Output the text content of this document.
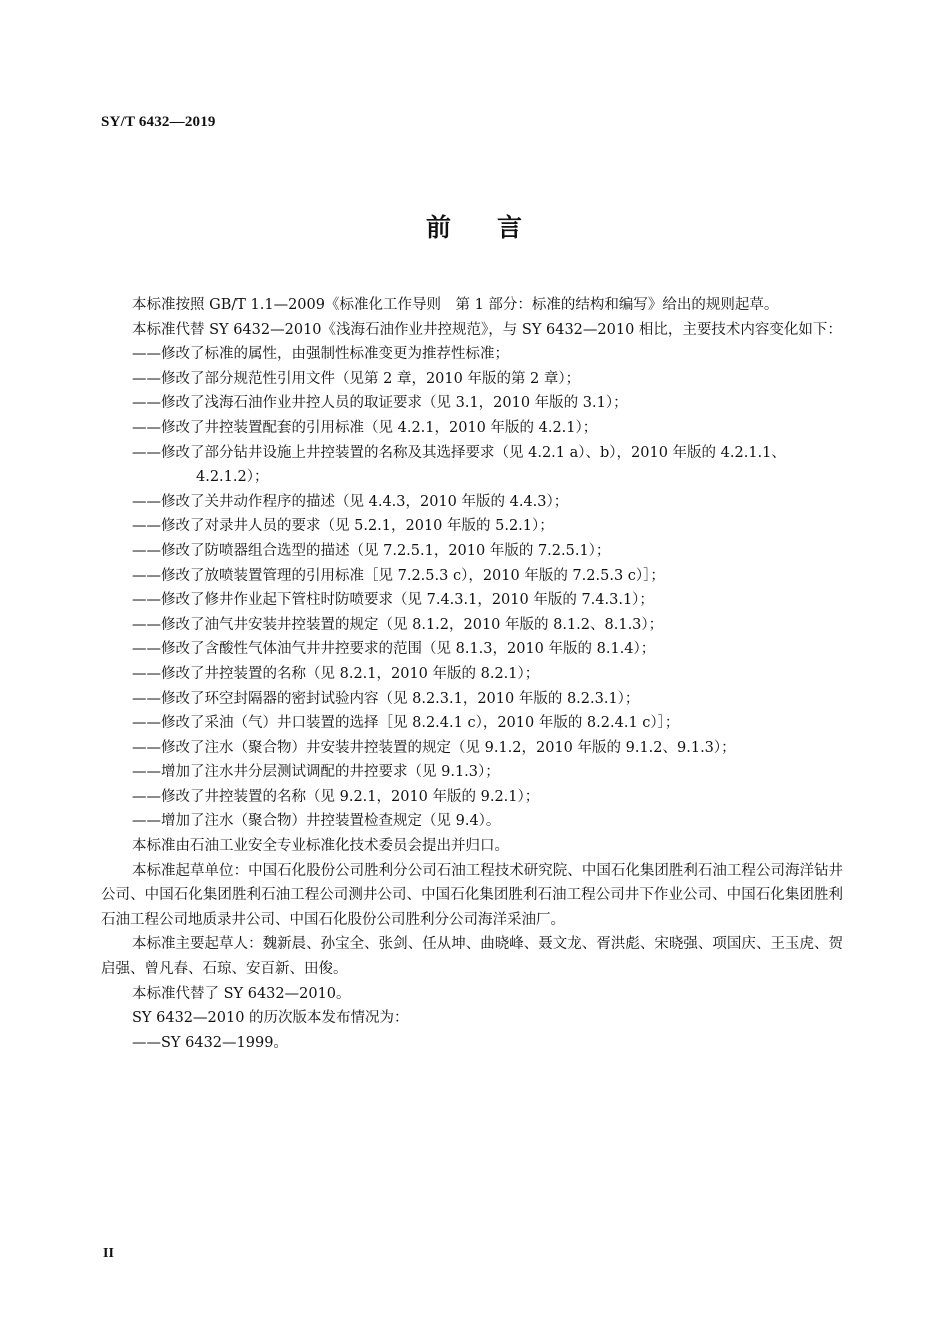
SY/T 6432—2019
前 言

本标准按照 GB/T 1.1—2009《标准化工作导则　第 1 部分：标准的结构和编写》给出的规则起草。

本标准代替 SY 6432—2010《浅海石油作业井控规范》，与 SY 6432—2010 相比，主要技术内容变化如下：

——修改了标准的属性，由强制性标准变更为推荐性标准；

——修改了部分规范性引用文件（见第 2 章，2010 年版的第 2 章）；

——修改了浅海石油作业井控人员的取证要求（见 3.1，2010 年版的 3.1）；

——修改了井控装置配套的引用标准（见 4.2.1，2010 年版的 4.2.1）；

——修改了部分钻井设施上井控装置的名称及其选择要求（见 4.2.1 a）、b），2010 年版的 4.2.1.1、4.2.1.2）；

——修改了关井动作程序的描述（见 4.4.3，2010 年版的 4.4.3）；

——修改了对录井人员的要求（见 5.2.1，2010 年版的 5.2.1）；

——修改了防喷器组合选型的描述（见 7.2.5.1，2010 年版的 7.2.5.1）；

——修改了放喷装置管理的引用标准［见 7.2.5.3 c），2010 年版的 7.2.5.3 c）］；

——修改了修井作业起下管柱时防喷要求（见 7.4.3.1，2010 年版的 7.4.3.1）；

——修改了油气井安装井控装置的规定（见 8.1.2，2010 年版的 8.1.2、8.1.3）；

——修改了含酸性气体油气井井控要求的范围（见 8.1.3，2010 年版的 8.1.4）；

——修改了井控装置的名称（见 8.2.1，2010 年版的 8.2.1）；

——修改了环空封隔器的密封试验内容（见 8.2.3.1，2010 年版的 8.2.3.1）；

——修改了采油（气）井口装置的选择［见 8.2.4.1 c），2010 年版的 8.2.4.1 c）］；

——修改了注水（聚合物）井安装井控装置的规定（见 9.1.2，2010 年版的 9.1.2、9.1.3）；

——增加了注水井分层测试调配的井控要求（见 9.1.3）；

——修改了井控装置的名称（见 9.2.1，2010 年版的 9.2.1）；

——增加了注水（聚合物）井控装置检查规定（见 9.4）。

本标准由石油工业安全专业标准化技术委员会提出并归口。

本标准起草单位：中国石化股份公司胜利分公司石油工程技术研究院、中国石化集团胜利石油工程公司海洋钻井公司、中国石化集团胜利石油工程公司测井公司、中国石化集团胜利石油工程公司井下作业公司、中国石化集团胜利石油工程公司地质录井公司、中国石化股份公司胜利分公司海洋采油厂。

本标准主要起草人：魏新晨、孙宝全、张剑、任从坤、曲晓峰、聂文龙、胥洪彪、宋晓强、项国庆、王玉虎、贺启强、曾凡春、石琼、安百新、田俊。

本标准代替了 SY 6432—2010。

SY 6432—2010 的历次版本发布情况为：

——SY 6432—1999。

II
